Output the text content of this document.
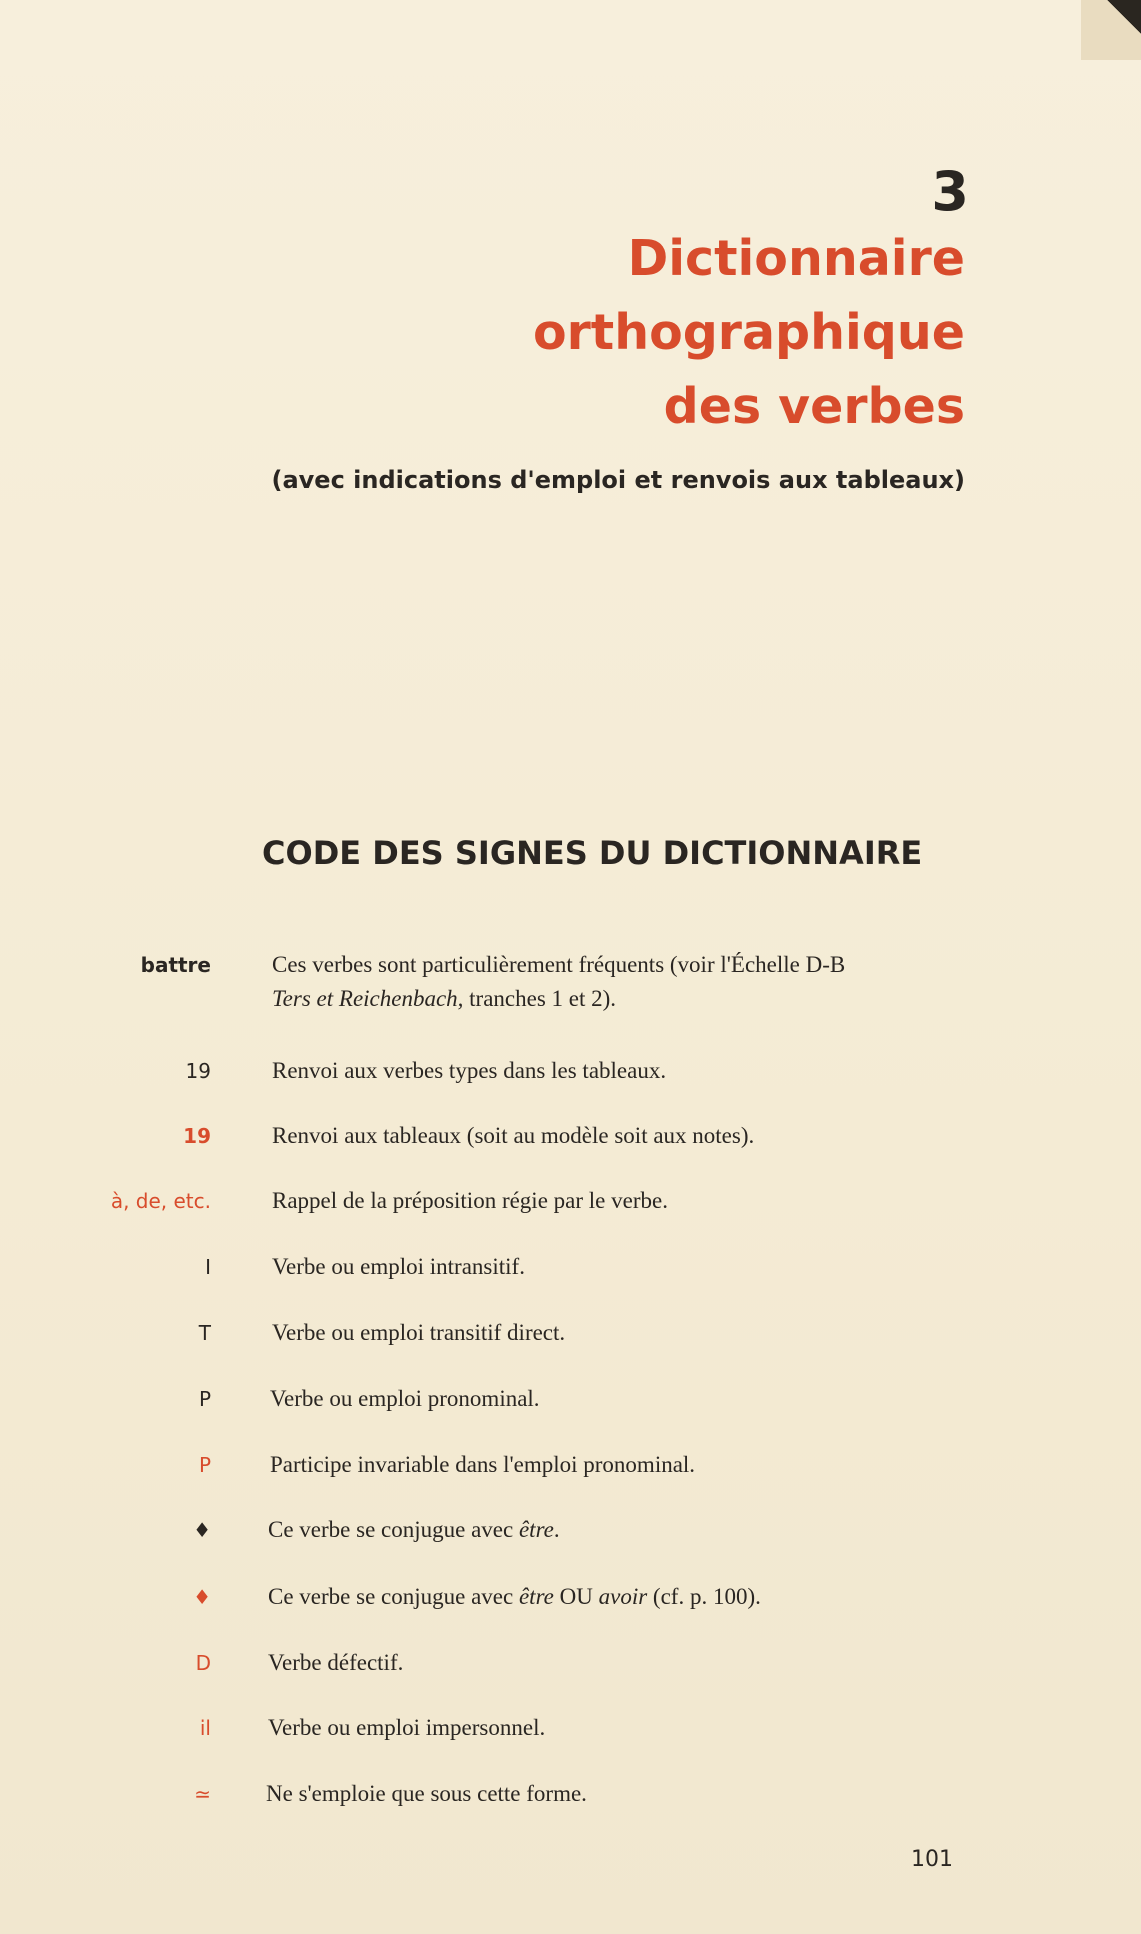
3

Dictionnaire
orthographique
des verbes

(avec indications d'emploi et renvois aux tableaux)

CODE DES SIGNES DU DICTIONNAIRE
battre	Ces verbes sont particulièrement fréquents (voir l'Échelle D-B
Ters et Reichenbach, tranches 1 et 2).
19	Renvoi aux verbes types dans les tableaux.
19	Renvoi aux tableaux (soit au modèle soit aux notes).
à, de, etc.	Rappel de la préposition régie par le verbe.
I	Verbe ou emploi intransitif.
T	Verbe ou emploi transitif direct.
P	Verbe ou emploi pronominal.
P	Participe invariable dans l'emploi pronominal.
♦ Ce verbe se conjugue avec être.
♦ Ce verbe se conjugue avec être OU avoir (cf. p. 100).
D Verbe défectif.
il Verbe ou emploi impersonnel.
≃ Ne s'emploie que sous cette forme.

101
